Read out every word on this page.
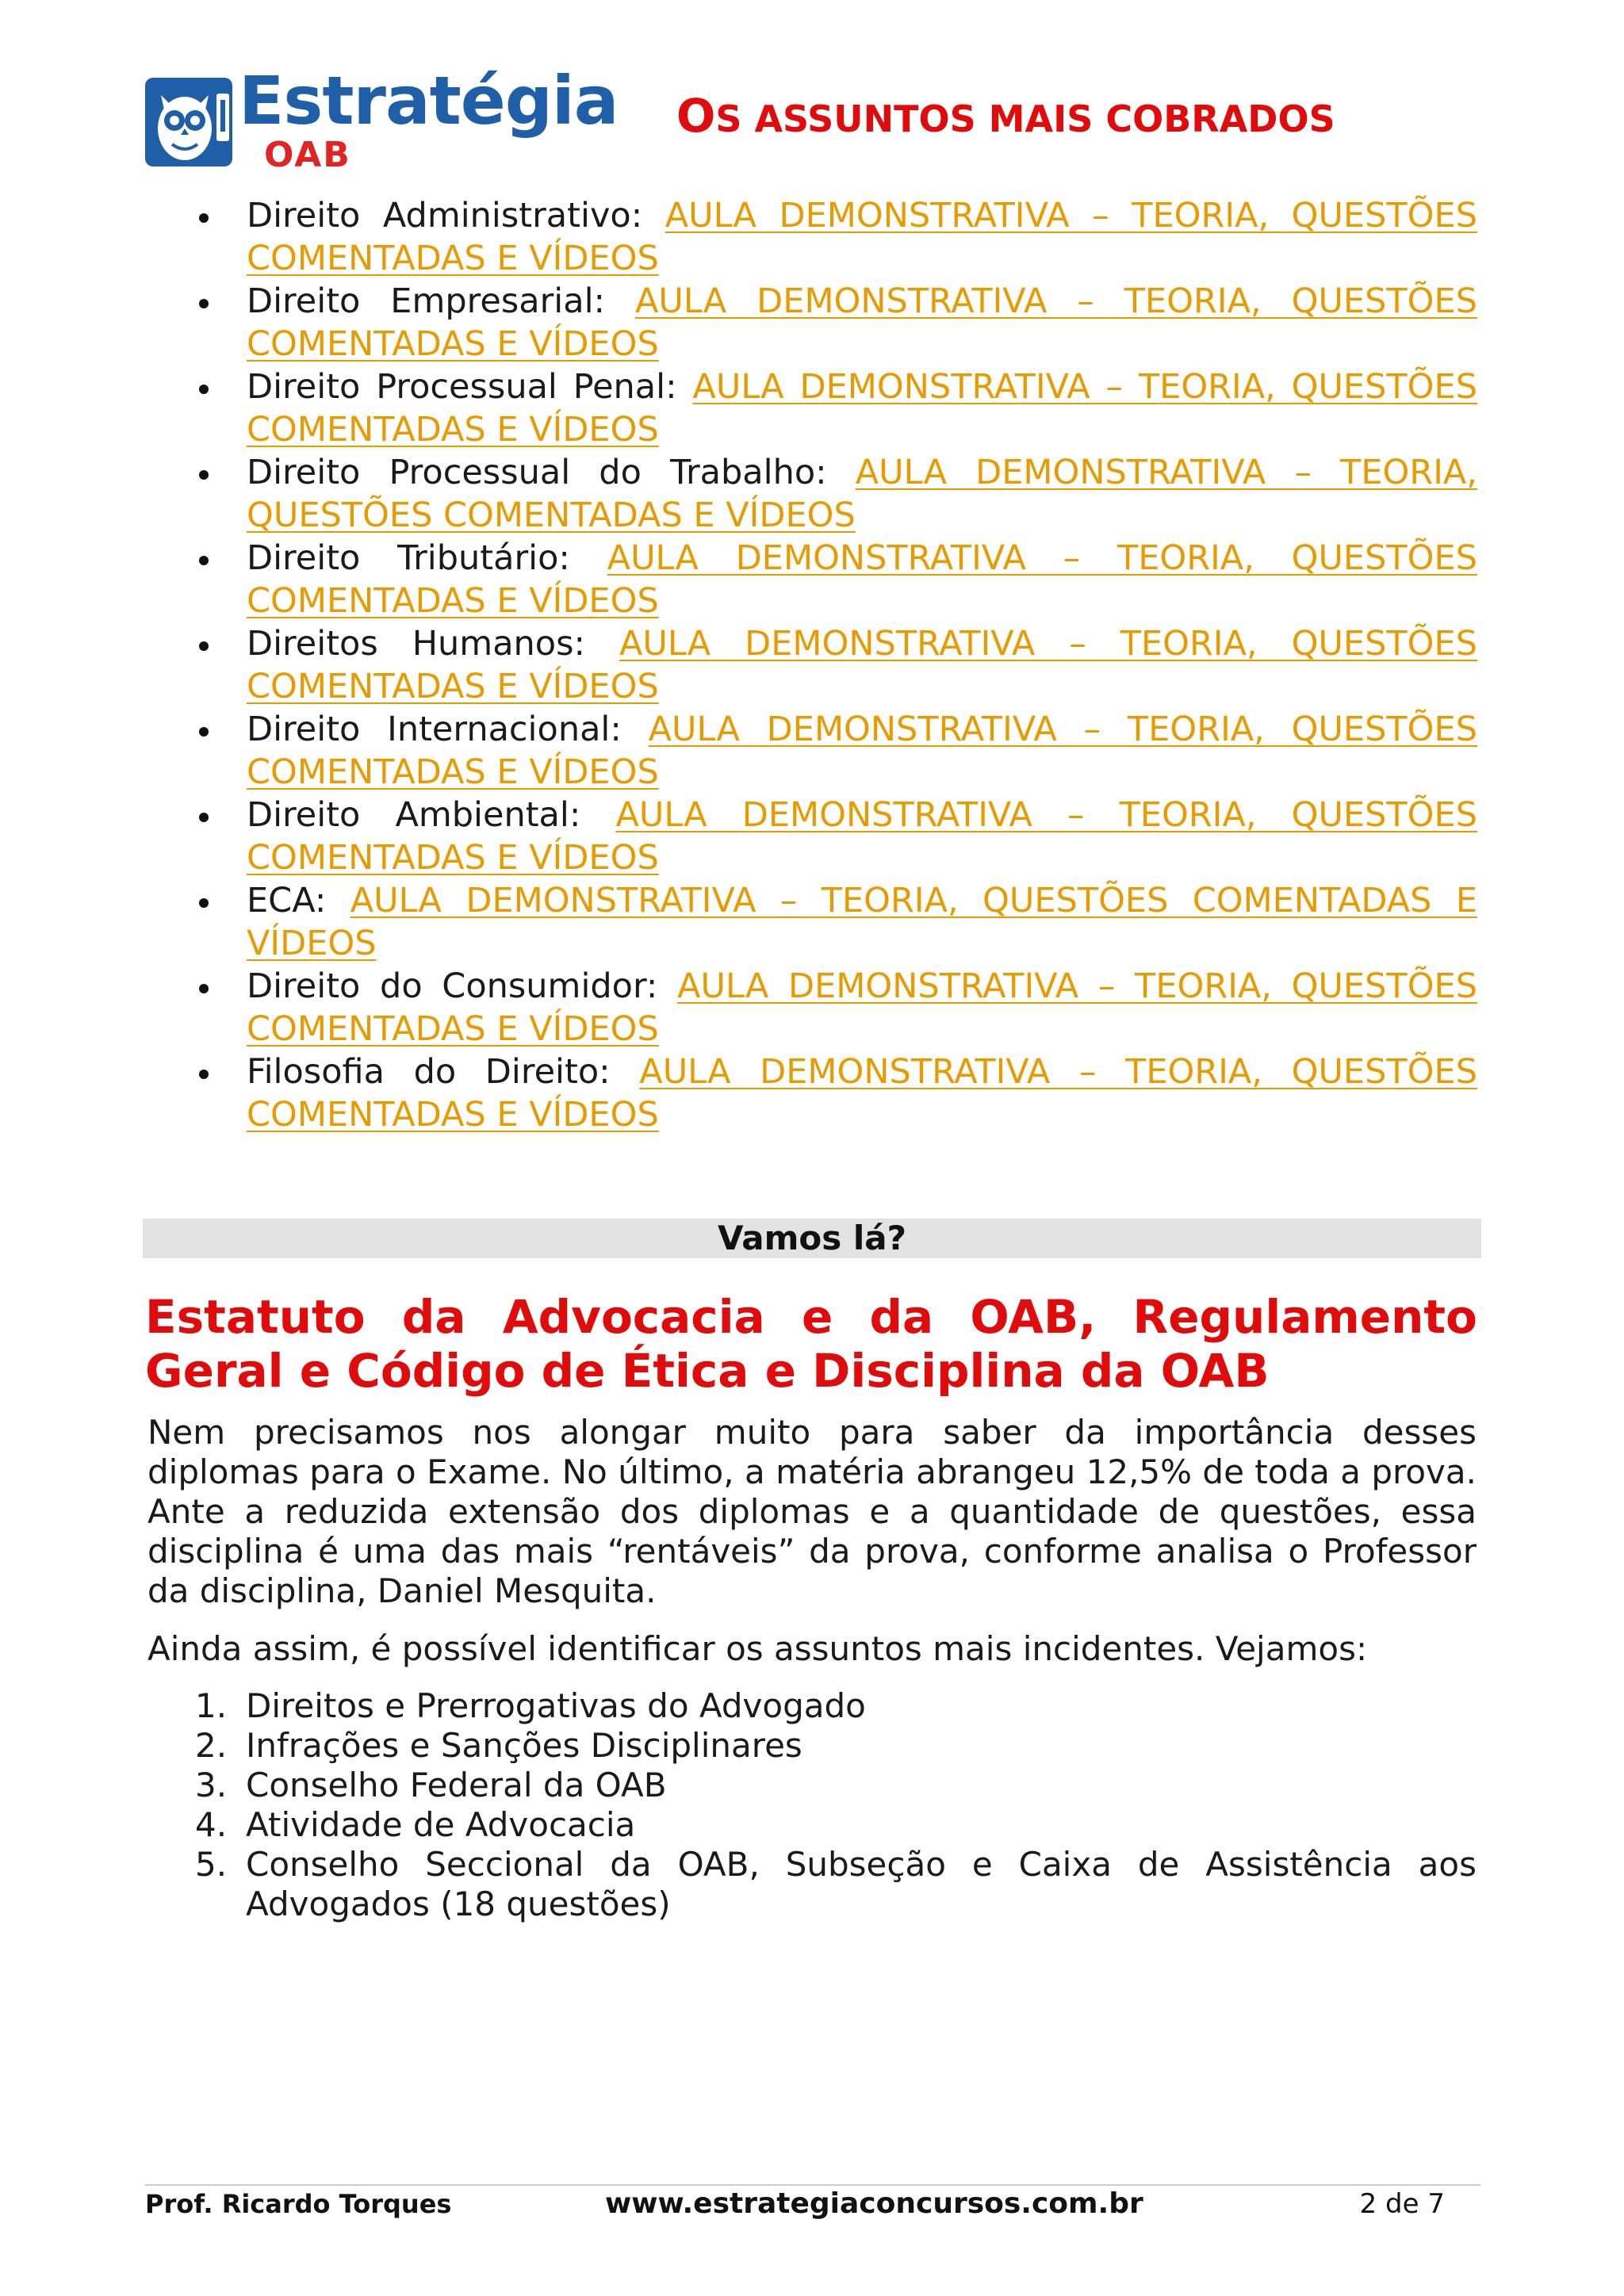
Estratégia
OAB
OS ASSUNTOS MAIS COBRADOS

Direito Administrativo: AULA DEMONSTRATIVA – TEORIA, QUESTÕES COMENTADAS E VÍDEOS

Direito Empresarial: AULA DEMONSTRATIVA – TEORIA, QUESTÕES COMENTADAS E VÍDEOS

Direito Processual Penal: AULA DEMONSTRATIVA – TEORIA, QUESTÕES COMENTADAS E VÍDEOS

Direito Processual do Trabalho: AULA DEMONSTRATIVA – TEORIA, QUESTÕES COMENTADAS E VÍDEOS

Direito Tributário: AULA DEMONSTRATIVA – TEORIA, QUESTÕES COMENTADAS E VÍDEOS

Direitos Humanos: AULA DEMONSTRATIVA – TEORIA, QUESTÕES COMENTADAS E VÍDEOS

Direito Internacional: AULA DEMONSTRATIVA – TEORIA, QUESTÕES COMENTADAS E VÍDEOS

Direito Ambiental: AULA DEMONSTRATIVA – TEORIA, QUESTÕES COMENTADAS E VÍDEOS

ECA: AULA DEMONSTRATIVA – TEORIA, QUESTÕES COMENTADAS E VÍDEOS

Direito do Consumidor: AULA DEMONSTRATIVA – TEORIA, QUESTÕES COMENTADAS E VÍDEOS

Filosofia do Direito: AULA DEMONSTRATIVA – TEORIA, QUESTÕES COMENTADAS E VÍDEOS

Vamos lá?
Estatuto da Advocacia e da OAB, Regulamento Geral e Código de Ética e Disciplina da OAB
Nem precisamos nos alongar muito para saber da importância desses diplomas para o Exame. No último, a matéria abrangeu 12,5% de toda a prova. Ante a reduzida extensão dos diplomas e a quantidade de questões, essa disciplina é uma das mais “rentáveis” da prova, conforme analisa o Professor da disciplina, Daniel Mesquita.
Ainda assim, é possível identificar os assuntos mais incidentes. Vejamos:
1. Direitos e Prerrogativas do Advogado
2. Infrações e Sanções Disciplinares
3. Conselho Federal da OAB
4. Atividade de Advocacia
5. Conselho Seccional da OAB, Subseção e Caixa de Assistência aos Advogados (18 questões)
Prof. Ricardo Torques	www.estrategiaconcursos.com.br	2 de 7
